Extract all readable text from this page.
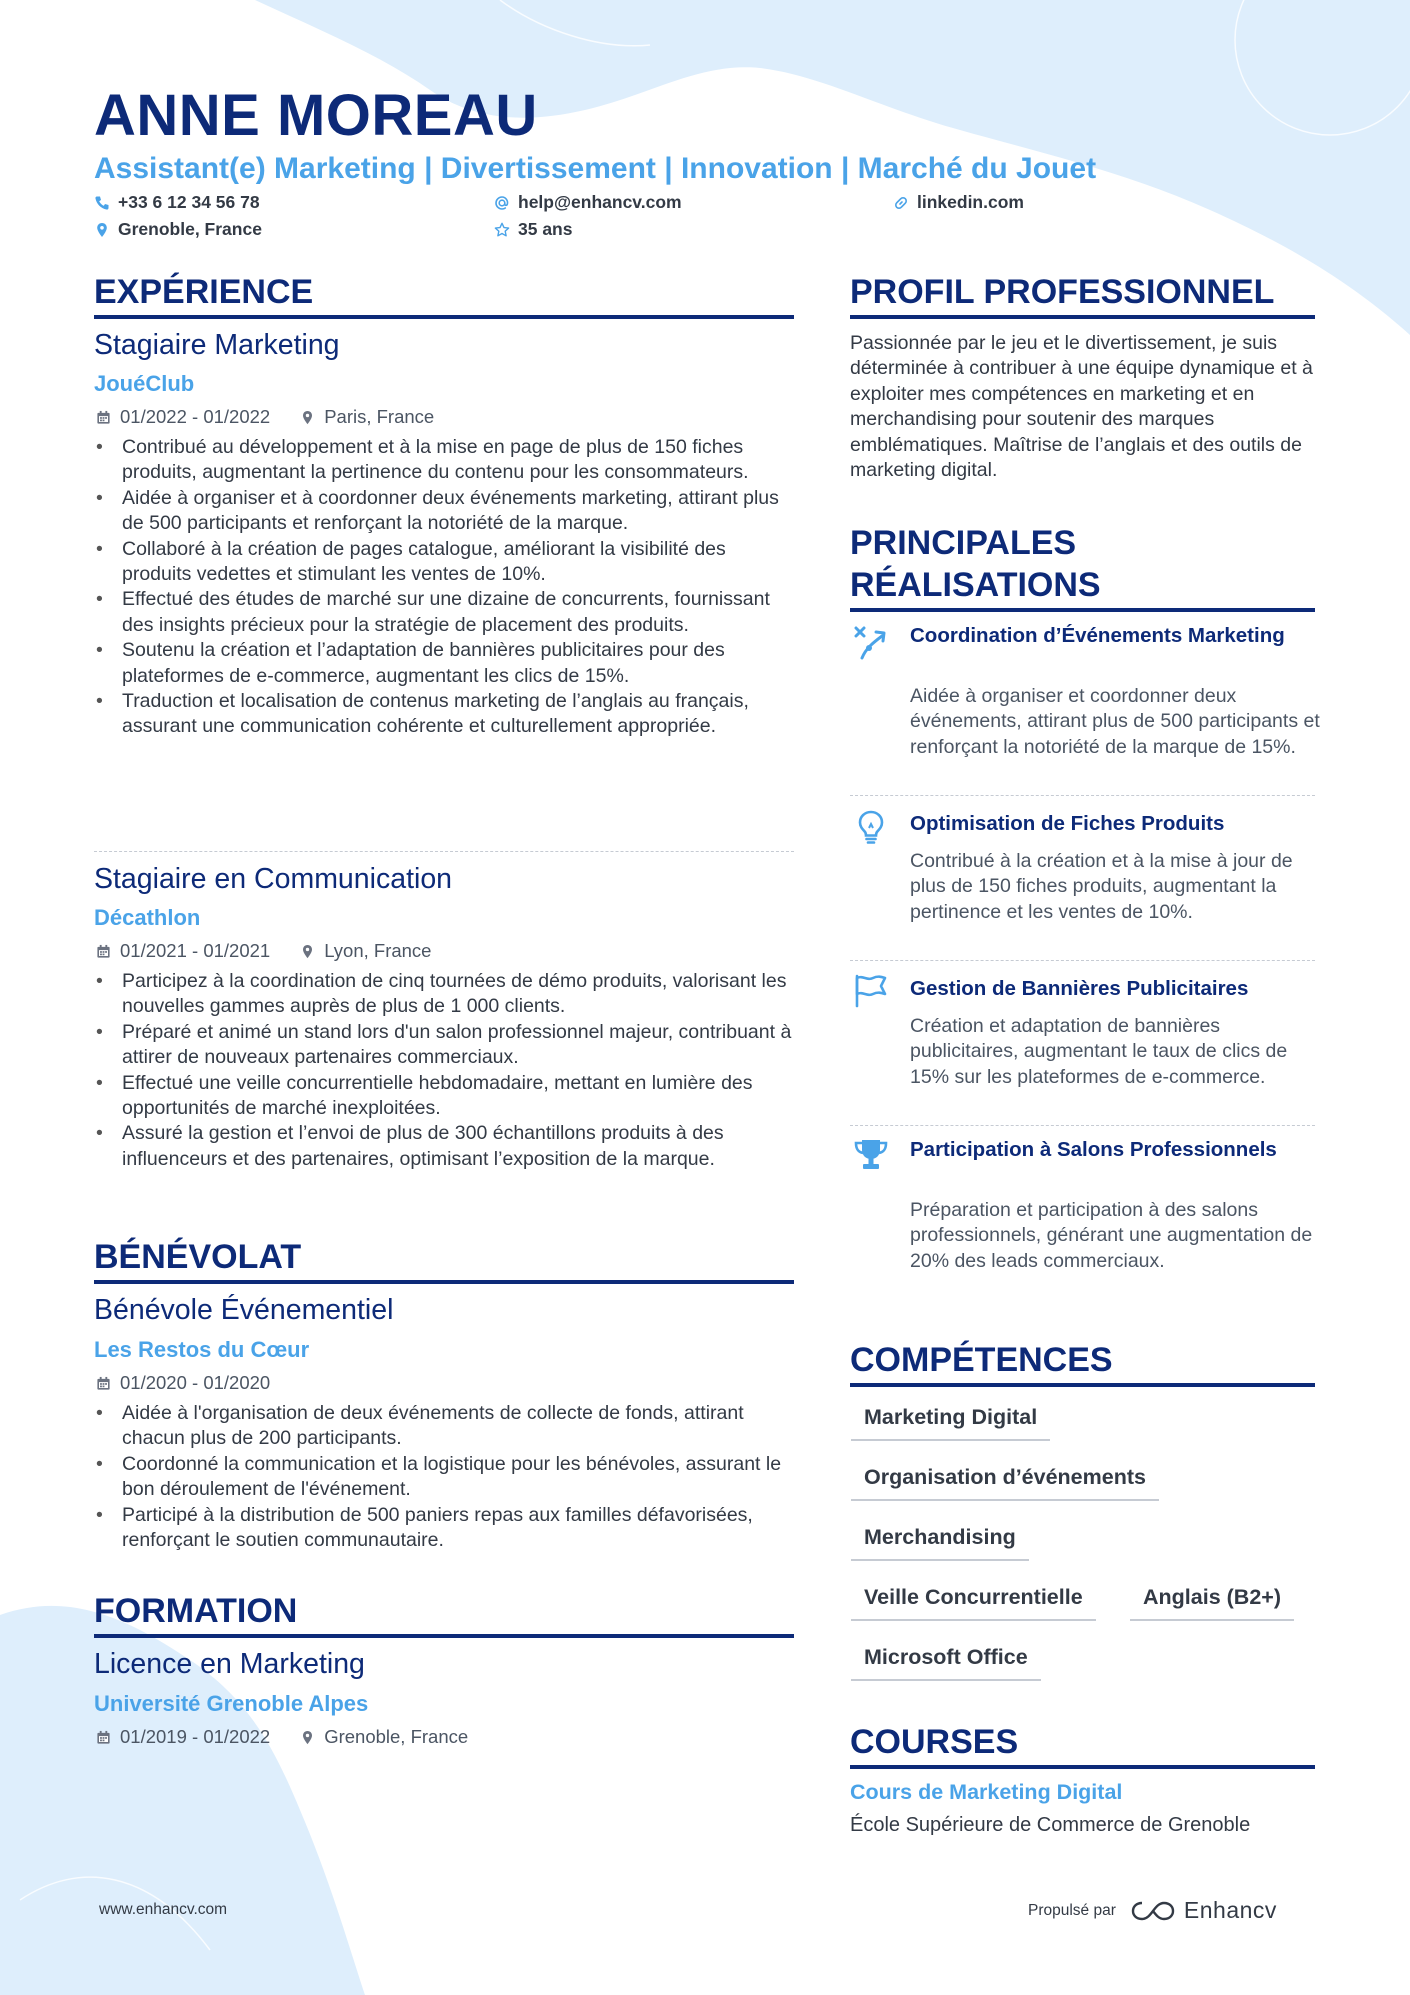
ANNE MOREAU
Assistant(e) Marketing | Divertissement | Innovation | Marché du Jouet
+33 6 12 34 56 78	help@enhancv.com	linkedin.com
Grenoble, France	35 ans
EXPÉRIENCE
Stagiaire Marketing
JouéClub
01/2022 - 01/2022	Paris, France
• Contribué au développement et à la mise en page de plus de 150 fiches produits, augmentant la pertinence du contenu pour les consommateurs.
• Aidée à organiser et à coordonner deux événements marketing, attirant plus de 500 participants et renforçant la notoriété de la marque.
• Collaboré à la création de pages catalogue, améliorant la visibilité des produits vedettes et stimulant les ventes de 10%.
• Effectué des études de marché sur une dizaine de concurrents, fournissant des insights précieux pour la stratégie de placement des produits.
• Soutenu la création et l’adaptation de bannières publicitaires pour des plateformes de e-commerce, augmentant les clics de 15%.
• Traduction et localisation de contenus marketing de l’anglais au français, assurant une communication cohérente et culturellement appropriée.
Stagiaire en Communication
Décathlon
01/2021 - 01/2021	Lyon, France
• Participez à la coordination de cinq tournées de démo produits, valorisant les nouvelles gammes auprès de plus de 1 000 clients.
• Préparé et animé un stand lors d'un salon professionnel majeur, contribuant à attirer de nouveaux partenaires commerciaux.
• Effectué une veille concurrentielle hebdomadaire, mettant en lumière des opportunités de marché inexploitées.
• Assuré la gestion et l’envoi de plus de 300 échantillons produits à des influenceurs et des partenaires, optimisant l’exposition de la marque.
BÉNÉVOLAT
Bénévole Événementiel
Les Restos du Cœur
01/2020 - 01/2020
• Aidée à l'organisation de deux événements de collecte de fonds, attirant chacun plus de 200 participants.
• Coordonné la communication et la logistique pour les bénévoles, assurant le bon déroulement de l'événement.
• Participé à la distribution de 500 paniers repas aux familles défavorisées, renforçant le soutien communautaire.
FORMATION
Licence en Marketing
Université Grenoble Alpes
01/2019 - 01/2022	Grenoble, France
PROFIL PROFESSIONNEL
Passionnée par le jeu et le divertissement, je suis déterminée à contribuer à une équipe dynamique et à exploiter mes compétences en marketing et en merchandising pour soutenir des marques emblématiques. Maîtrise de l’anglais et des outils de marketing digital.
PRINCIPALES
RÉALISATIONS
Coordination d’Événements Marketing
Aidée à organiser et coordonner deux événements, attirant plus de 500 participants et renforçant la notoriété de la marque de 15%.
Optimisation de Fiches Produits
Contribué à la création et à la mise à jour de plus de 150 fiches produits, augmentant la pertinence et les ventes de 10%.
Gestion de Bannières Publicitaires
Création et adaptation de bannières publicitaires, augmentant le taux de clics de 15% sur les plateformes de e-commerce.
Participation à Salons Professionnels
Préparation et participation à des salons professionnels, générant une augmentation de 20% des leads commerciaux.
COMPÉTENCES
Marketing Digital
Organisation d’événements
Merchandising
Veille Concurrentielle	Anglais (B2+)
Microsoft Office
COURSES
Cours de Marketing Digital
École Supérieure de Commerce de Grenoble
www.enhancv.com	Propulsé par	Enhancv
